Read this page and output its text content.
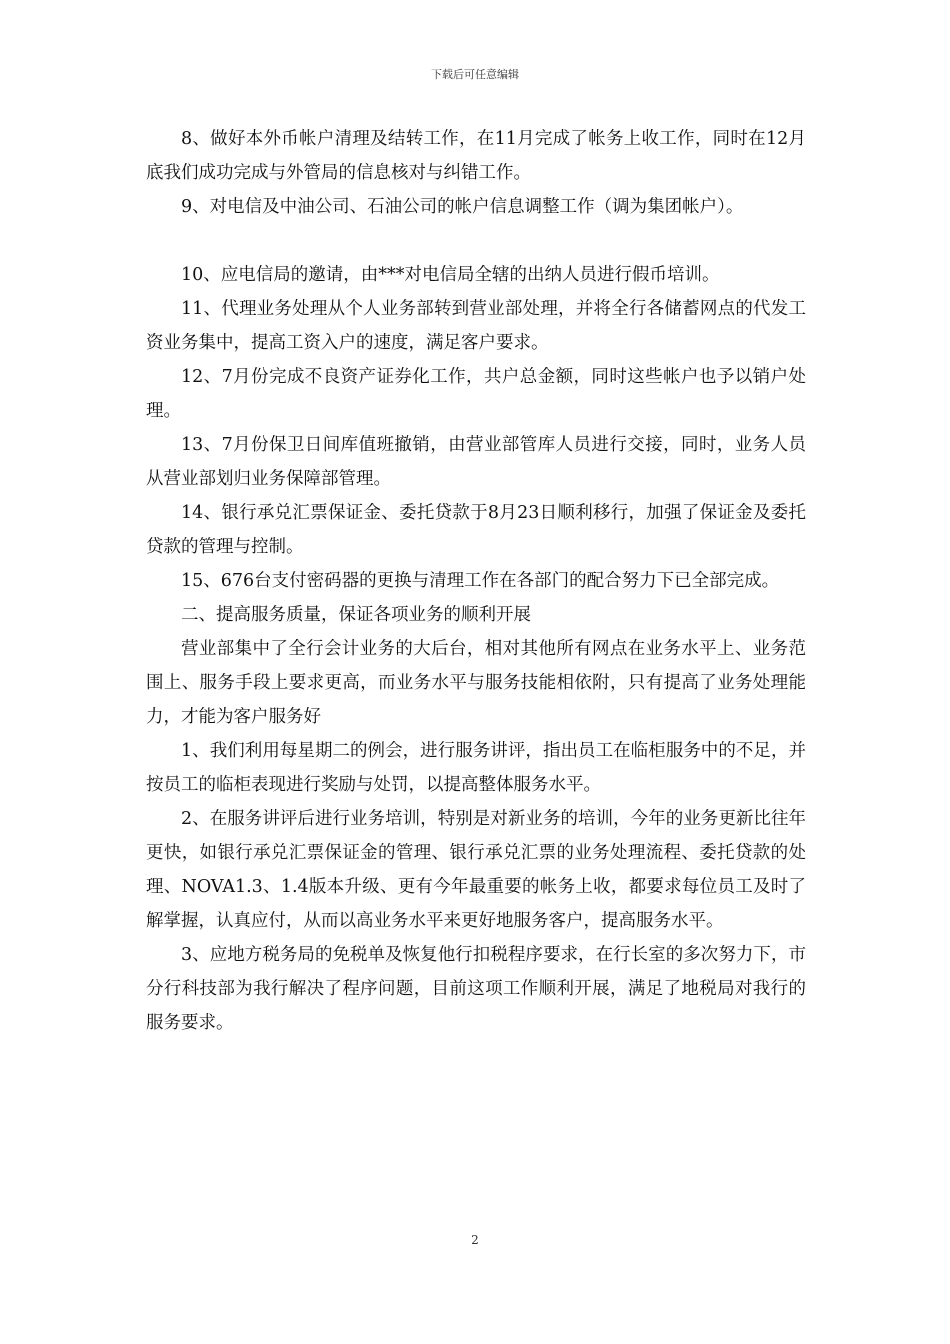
下载后可任意编辑

8、做好本外币帐户清理及结转工作，在11月完成了帐务上收工作，同时在12月底我们成功完成与外管局的信息核对与纠错工作。

9、对电信及中油公司、石油公司的帐户信息调整工作（调为集团帐户）。

10、应电信局的邀请，由***对电信局全辖的出纳人员进行假币培训。

11、代理业务处理从个人业务部转到营业部处理，并将全行各储蓄网点的代发工资业务集中，提高工资入户的速度，满足客户要求。

12、7月份完成不良资产证券化工作，共户总金额，同时这些帐户也予以销户处理。

13、7月份保卫日间库值班撤销，由营业部管库人员进行交接，同时，业务人员从营业部划归业务保障部管理。

14、银行承兑汇票保证金、委托贷款于8月23日顺利移行，加强了保证金及委托贷款的管理与控制。

15、676台支付密码器的更换与清理工作在各部门的配合努力下已全部完成。

二、提高服务质量，保证各项业务的顺利开展

营业部集中了全行会计业务的大后台，相对其他所有网点在业务水平上、业务范围上、服务手段上要求更高，而业务水平与服务技能相依附，只有提高了业务处理能力，才能为客户服务好

1、我们利用每星期二的例会，进行服务讲评，指出员工在临柜服务中的不足，并按员工的临柜表现进行奖励与处罚，以提高整体服务水平。

2、在服务讲评后进行业务培训，特别是对新业务的培训，今年的业务更新比往年更快，如银行承兑汇票保证金的管理、银行承兑汇票的业务处理流程、委托贷款的处理、NOVA1.3、1.4版本升级、更有今年最重要的帐务上收，都要求每位员工及时了解掌握，认真应付，从而以高业务水平来更好地服务客户，提高服务水平。

3、应地方税务局的免税单及恢复他行扣税程序要求，在行长室的多次努力下，市分行科技部为我行解决了程序问题，目前这项工作顺利开展，满足了地税局对我行的服务要求。

2
